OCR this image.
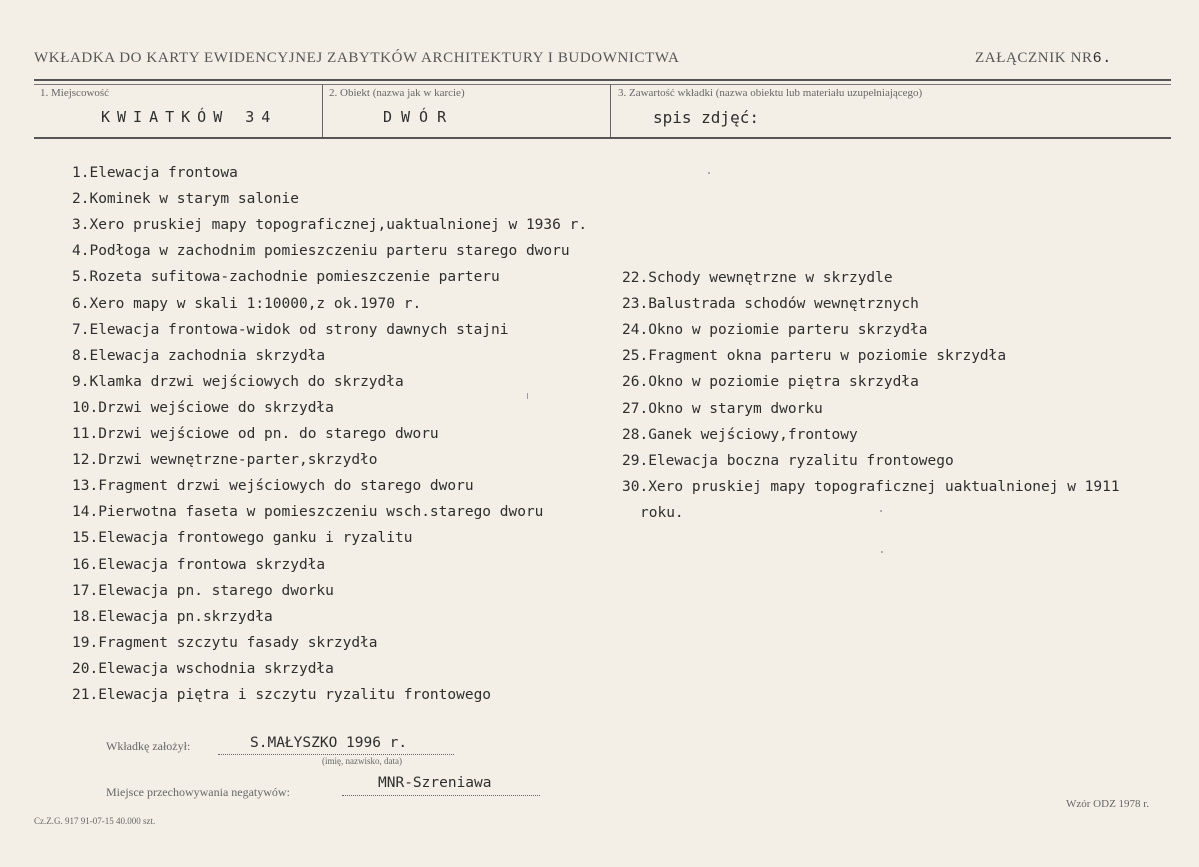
WKŁADKA DO KARTY EWIDENCYJNEJ ZABYTKÓW ARCHITEKTURY I BUDOWNICTWA	ZAŁĄCZNIK NR6.
1. Miejscowość	2. Obiekt (nazwa jak w karcie)	3. Zawartość wkładki (nazwa obiektu lub materiału uzupełniającego)
KWIATKÓW 34	DWÓR	spis zdjęć:
1.Elewacja frontowa
2.Kominek w starym salonie
3.Xero pruskiej mapy topograficznej,uaktualnionej w 1936 r.
4.Podłoga w zachodnim pomieszczeniu parteru starego dworu
5.Rozeta sufitowa-zachodnie pomieszczenie parteru
6.Xero mapy w skali 1:10000,z ok.1970 r.
7.Elewacja frontowa-widok od strony dawnych stajni
8.Elewacja zachodnia skrzydła
9.Klamka drzwi wejściowych do skrzydła
10.Drzwi wejściowe do skrzydła
11.Drzwi wejściowe od pn. do starego dworu
12.Drzwi wewnętrzne-parter,skrzydło
13.Fragment drzwi wejściowych do starego dworu
14.Pierwotna faseta w pomieszczeniu wsch.starego dworu
15.Elewacja frontowego ganku i ryzalitu
16.Elewacja frontowa skrzydła
17.Elewacja pn. starego dworku
18.Elewacja pn.skrzydła
19.Fragment szczytu fasady skrzydła
20.Elewacja wschodnia skrzydła
21.Elewacja piętra i szczytu ryzalitu frontowego
22.Schody wewnętrzne w skrzydle
23.Balustrada schodów wewnętrznych
24.Okno w poziomie parteru skrzydła
25.Fragment okna parteru w poziomie skrzydła
26.Okno w poziomie piętra skrzydła
27.Okno w starym dworku
28.Ganek wejściowy,frontowy
29.Elewacja boczna ryzalitu frontowego
30.Xero pruskiej mapy topograficznej uaktualnionej w 1911
roku.
Wkładkę założył:	S.MAŁYSZKO 1996 r.
(imię, nazwisko, data)
Miejsce przechowywania negatywów:
MNR-Szreniawa
Cz.Z.G. 917 91-07-15 40.000 szt.
Wzór ODZ 1978 r.
